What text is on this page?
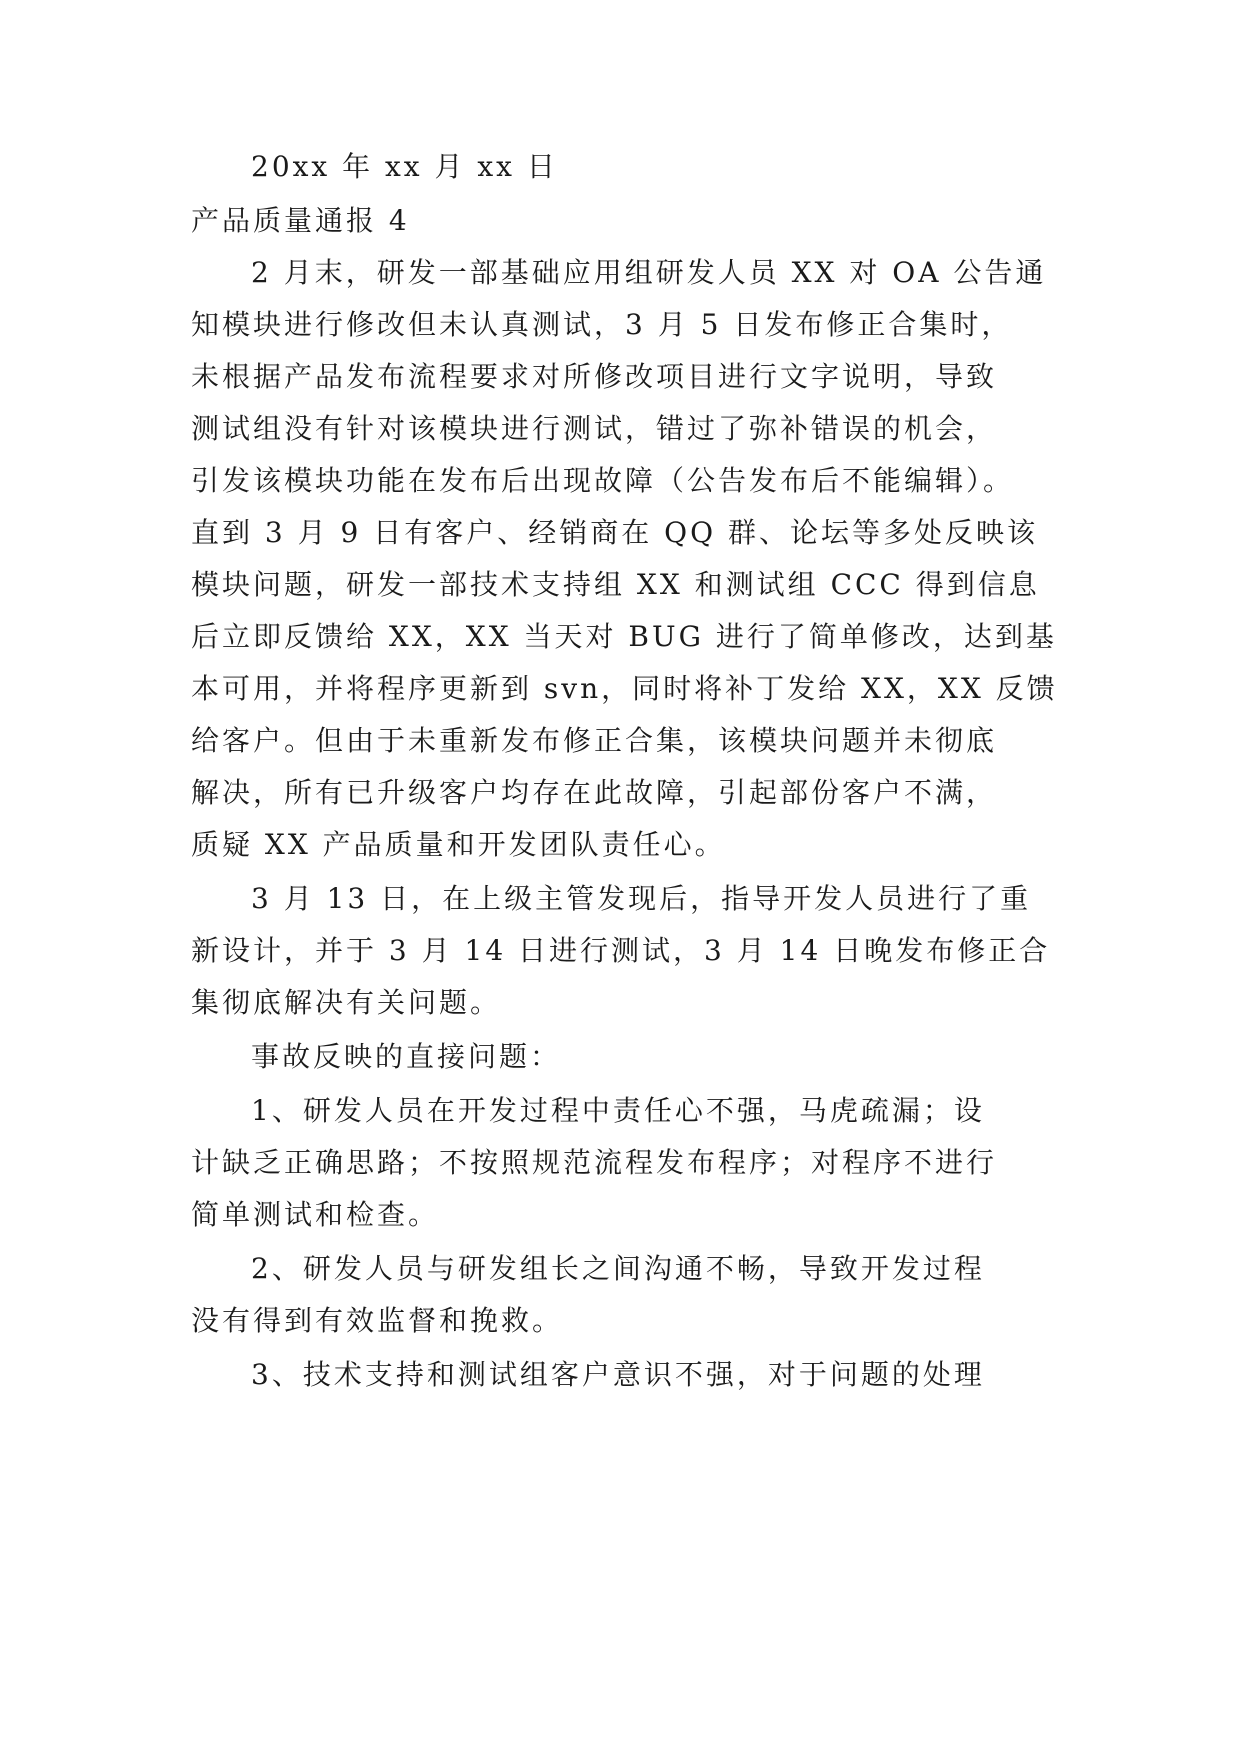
20xx 年 xx 月 xx 日
产品质量通报 4
2 月末，研发一部基础应用组研发人员 XX 对 OA 公告通
知模块进行修改但未认真测试，3 月 5 日发布修正合集时，
未根据产品发布流程要求对所修改项目进行文字说明，导致
测试组没有针对该模块进行测试，错过了弥补错误的机会，
引发该模块功能在发布后出现故障（公告发布后不能编辑）。
直到 3 月 9 日有客户、经销商在 QQ 群、论坛等多处反映该
模块问题，研发一部技术支持组 XX 和测试组 CCC 得到信息
后立即反馈给 XX，XX 当天对 BUG 进行了简单修改，达到基
本可用，并将程序更新到 svn，同时将补丁发给 XX，XX 反馈
给客户。但由于未重新发布修正合集，该模块问题并未彻底
解决，所有已升级客户均存在此故障，引起部份客户不满，
质疑 XX 产品质量和开发团队责任心。
3 月 13 日，在上级主管发现后，指导开发人员进行了重
新设计，并于 3 月 14 日进行测试，3 月 14 日晚发布修正合
集彻底解决有关问题。
事故反映的直接问题：
1、研发人员在开发过程中责任心不强，马虎疏漏；设
计缺乏正确思路；不按照规范流程发布程序；对程序不进行
简单测试和检查。
2、研发人员与研发组长之间沟通不畅，导致开发过程
没有得到有效监督和挽救。
3、技术支持和测试组客户意识不强，对于问题的处理
